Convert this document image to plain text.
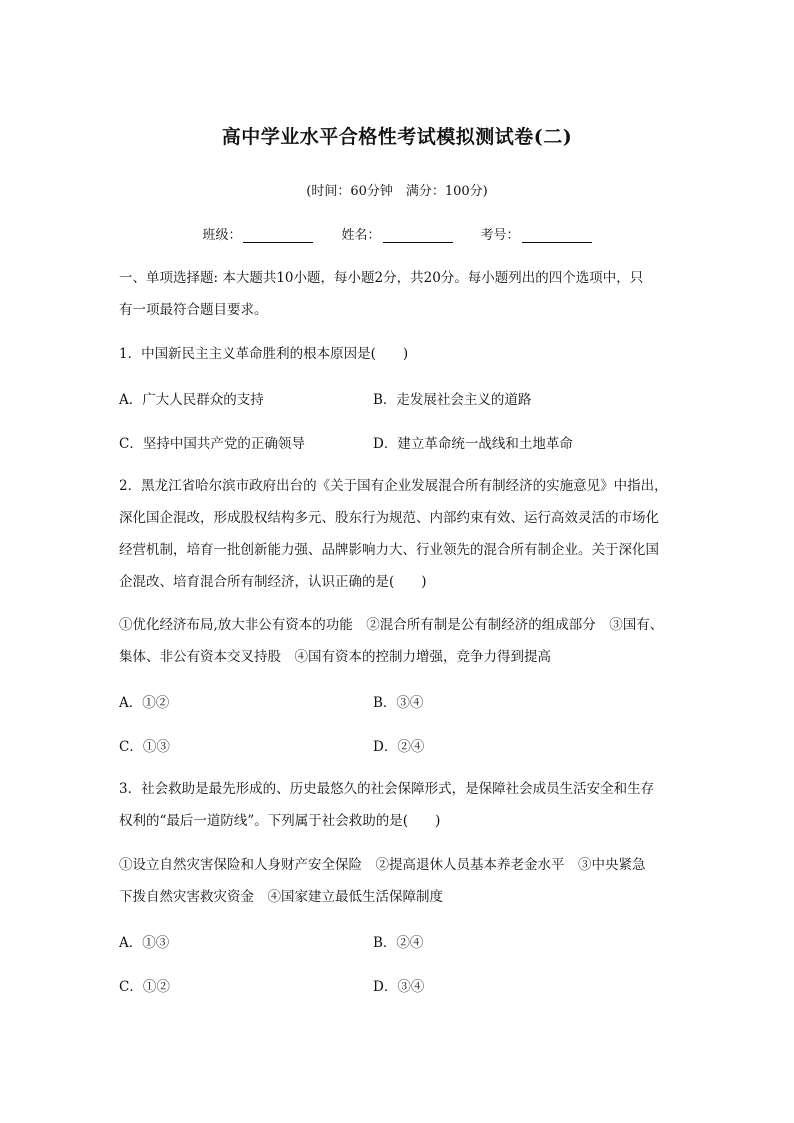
高中学业水平合格性考试模拟测试卷(二)
(时间：60分钟　满分：100分)
班级：	姓名：	考号：
一、单项选择题: 本大题共10小题，每小题2分，共20分。每小题列出的四个选项中，只
有一项最符合题目要求。
1．中国新民主主义革命胜利的根本原因是(　　)
A．广大人民群众的支持	B．走发展社会主义的道路
C．坚持中国共产党的正确领导	D．建立革命统一战线和土地革命
2．黑龙江省哈尔滨市政府出台的《关于国有企业发展混合所有制经济的实施意见》中指出，
深化国企混改，形成股权结构多元、股东行为规范、内部约束有效、运行高效灵活的市场化
经营机制，培育一批创新能力强、品牌影响力大、行业领先的混合所有制企业。关于深化国
企混改、培育混合所有制经济，认识正确的是(　　)
①优化经济布局,放大非公有资本的功能　②混合所有制是公有制经济的组成部分　③国有、
集体、非公有资本交叉持股　④国有资本的控制力增强，竞争力得到提高
A．①②	B．③④
C．①③	D．②④
3．社会救助是最先形成的、历史最悠久的社会保障形式，是保障社会成员生活安全和生存
权利的“最后一道防线”。下列属于社会救助的是(　　)
①设立自然灾害保险和人身财产安全保险　②提高退休人员基本养老金水平　③中央紧急
下拨自然灾害救灾资金　④国家建立最低生活保障制度
A．①③	B．②④
C．①②	D．③④
